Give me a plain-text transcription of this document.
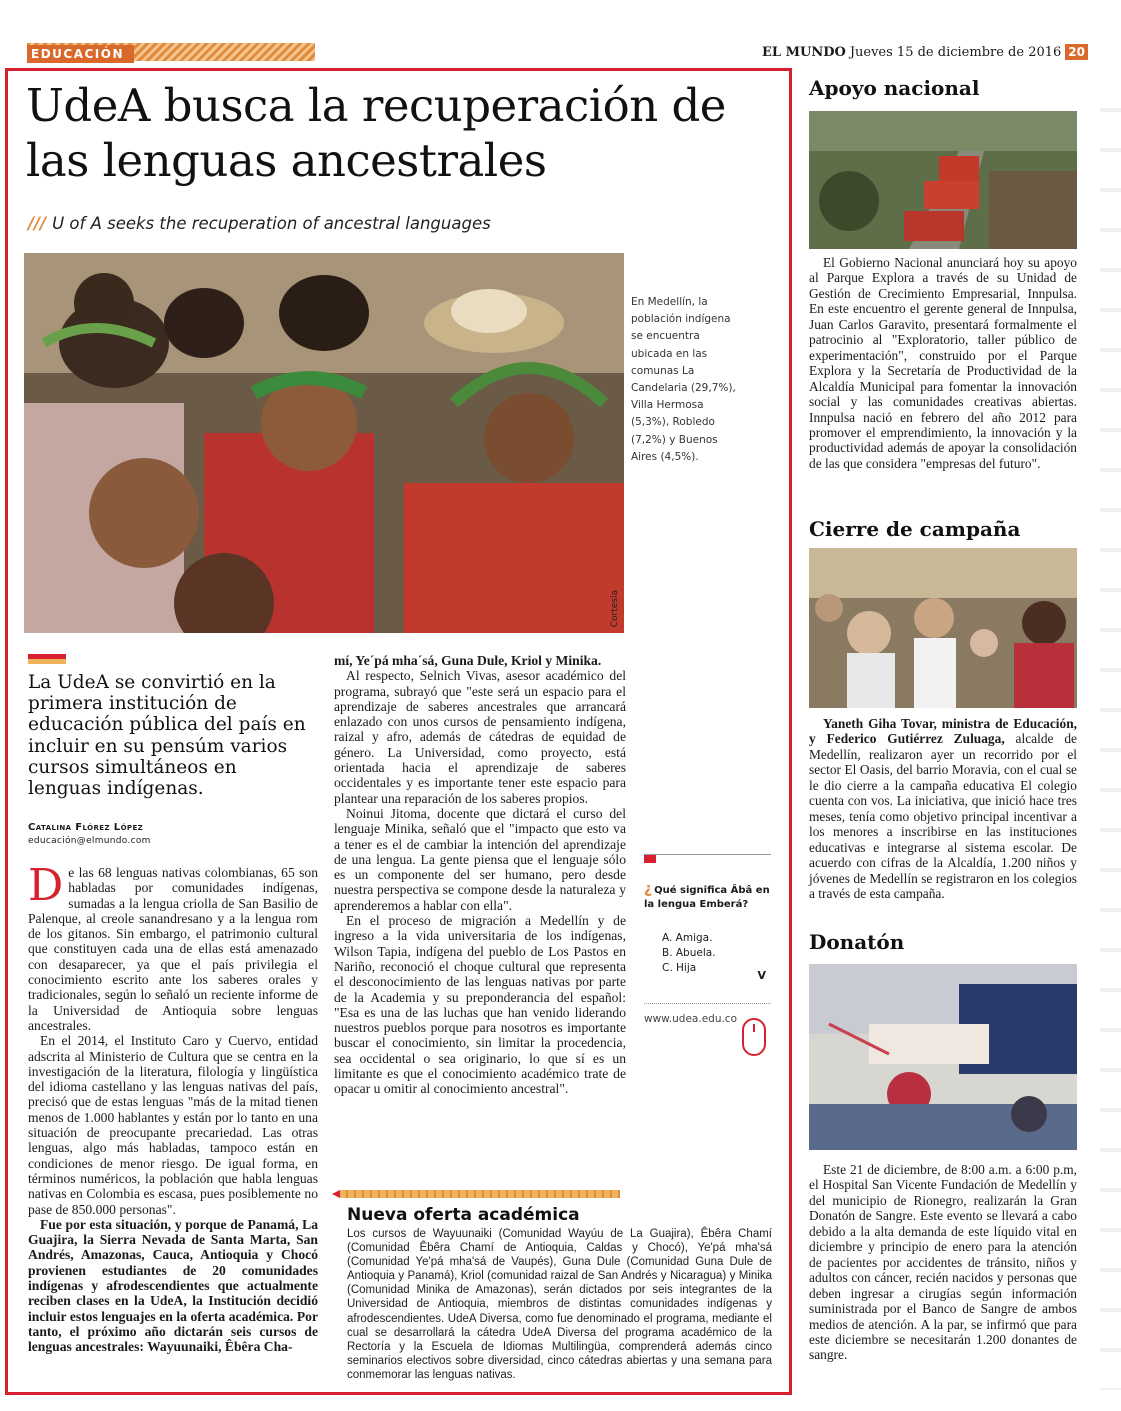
EDUCACIÓN	EL MUNDO Jueves 15 de diciembre de 2016 20
UdeA busca la recuperación de las lenguas ancestrales
/// U of A seeks the recuperation of ancestral languages
Cortesía
En Medellín, la población indígena se encuentra ubicada en las comunas La Candelaria (29,7%), Villa Hermosa (5,3%), Robledo (7,2%) y Buenos Aires (4,5%).
La UdeA se convirtió en la primera institución de educación pública del país en incluir en su pensúm varios cursos simultáneos en lenguas indígenas.
Catalina Flórez López
educación@elmundo.com

De las 68 lenguas nativas colombianas, 65 son habladas por comunidades indígenas, sumadas a la lengua criolla de San Basilio de Palenque, al creole sanandresano y a la lengua rom de los gitanos. Sin embargo, el patrimonio cultural que constituyen cada una de ellas está amenazado con desaparecer, ya que el país privilegia el conocimiento escrito ante los saberes orales y tradicionales, según lo señaló un reciente informe de la Universidad de Antioquia sobre lenguas ancestrales.

En el 2014, el Instituto Caro y Cuervo, entidad adscrita al Ministerio de Cultura que se centra en la investigación de la literatura, filología y lingüística del idioma castellano y las lenguas nativas del país, precisó que de estas lenguas "más de la mitad tienen menos de 1.000 hablantes y están por lo tanto en una situación de preocupante precariedad. Las otras lenguas, algo más habladas, tampoco están en condiciones de menor riesgo. De igual forma, en términos numéricos, la población que habla lenguas nativas en Colombia es escasa, pues posiblemente no pase de 850.000 personas".

Fue por esta situación, y porque de Panamá, La Guajira, la Sierra Nevada de Santa Marta, San Andrés, Amazonas, Cauca, Antioquia y Chocó provienen estudiantes de 20 comunidades indígenas y afrodescendientes que actualmente reciben clases en la UdeA, la Institución decidió incluir estos lenguajes en la oferta académica. Por tanto, el próximo año dictarán seis cursos de lenguas ancestrales: Wayuunaiki, Êbêra Cha-

mí, Ye´pá mha´sá, Guna Dule, Kriol y Minika.

Al respecto, Selnich Vivas, asesor académico del programa, subrayó que "este será un espacio para el aprendizaje de saberes ancestrales que arrancará enlazado con unos cursos de pensamiento indígena, raizal y afro, además de cátedras de equidad de género. La Universidad, como proyecto, está orientada hacia el aprendizaje de saberes occidentales y es importante tener este espacio para plantear una reparación de los saberes propios.

Noinui Jitoma, docente que dictará el curso del lenguaje Minika, señaló que el "impacto que esto va a tener es el de cambiar la intención del aprendizaje de una lengua. La gente piensa que el lenguaje sólo es un componente del ser humano, pero desde nuestra perspectiva se compone desde la naturaleza y aprenderemos a hablar con ella".

En el proceso de migración a Medellín y de ingreso a la vida universitaria de los indígenas, Wilson Tapia, indígena del pueblo de Los Pastos en Nariño, reconoció el choque cultural que representa el desconocimiento de las lenguas nativas por parte de la Academia y su preponderancia del español: "Esa es una de las luchas que han venido liderando nuestros pueblos porque para nosotros es importante buscar el conocimiento, sin limitar la procedencia, sea occidental o sea originario, lo que sí es un limitante es que el conocimiento académico trate de opacar u omitir al conocimiento ancestral".

¿ Qué significa Âbâ en la lengua Emberá?
A. Amiga.
B. Abuela.
C. Hija
V
www.udea.edu.co
Nueva oferta académica
Los cursos de Wayuunaiki (Comunidad Wayúu de La Guajira), Êbêra Chamí (Comunidad Êbêra Chamí de Antioquia, Caldas y Chocó), Ye'pá mha'sá (Comunidad Ye'pá mha'sá de Vaupés), Guna Dule (Comunidad Guna Dule de Antioquia y Panamá), Kriol (comunidad raizal de San Andrés y Nicaragua) y Minika (Comunidad Minika de Amazonas), serán dictados por seis integrantes de la Universidad de Antioquia, miembros de distintas comunidades indígenas y afrodescendientes. UdeA Diversa, como fue denominado el programa, mediante el cual se desarrollará la cátedra UdeA Diversa del programa académico de la Rectoría y la Escuela de Idiomas Multilingüa, comprenderá además cinco seminarios electivos sobre diversidad, cinco cátedras abiertas y una semana para conmemorar las lenguas nativas.
Apoyo nacional

El Gobierno Nacional anunciará hoy su apoyo al Parque Explora a través de su Unidad de Gestión de Crecimiento Empresarial, Innpulsa. En este encuentro el gerente general de Innpulsa, Juan Carlos Garavito, presentará formalmente el patrocinio al "Exploratorio, taller público de experimentación", construido por el Parque Explora y la Secretaría de Productividad de la Alcaldía Municipal para fomentar la innovación social y las comunidades creativas abiertas. Innpulsa nació en febrero del año 2012 para promover el emprendimiento, la innovación y la productividad además de apoyar la consolidación de las que considera "empresas del futuro".

Cierre de campaña

Yaneth Giha Tovar, ministra de Educación, y Federico Gutiérrez Zuluaga, alcalde de Medellín, realizaron ayer un recorrido por el sector El Oasis, del barrio Moravia, con el cual se le dio cierre a la campaña educativa El colegio cuenta con vos. La iniciativa, que inició hace tres meses, tenía como objetivo principal incentivar a los menores a inscribirse en las instituciones educativas e integrarse al sistema escolar. De acuerdo con cifras de la Alcaldía, 1.200 niños y jóvenes de Medellín se registraron en los colegios a través de esta campaña.

Donatón

Este 21 de diciembre, de 8:00 a.m. a 6:00 p.m, el Hospital San Vicente Fundación de Medellín y del municipio de Rionegro, realizarán la Gran Donatón de Sangre. Este evento se llevará a cabo debido a la alta demanda de este líquido vital en diciembre y principio de enero para la atención de pacientes por accidentes de tránsito, niños y adultos con cáncer, recién nacidos y personas que deben ingresar a cirugías según información suministrada por el Banco de Sangre de ambos medios de atención. A la par, se infirmó que para este diciembre se necesitarán 1.200 donantes de sangre.
